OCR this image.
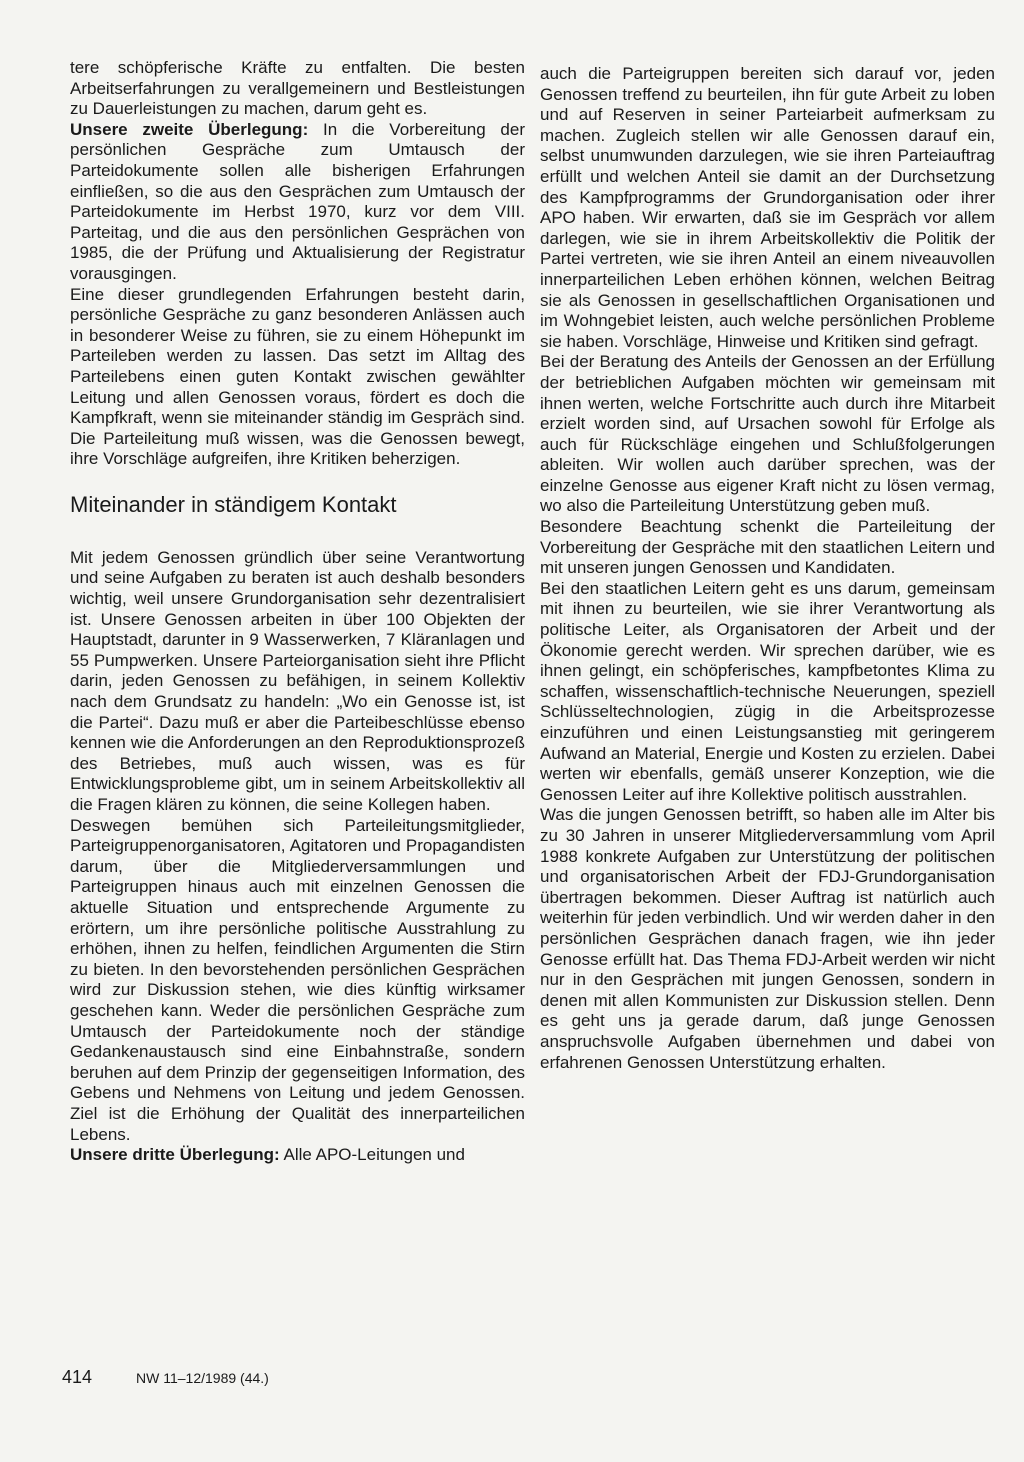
tere schöpferische Kräfte zu entfalten. Die besten Arbeitserfahrungen zu verallgemeinern und Bestleistungen zu Dauerleistungen zu machen, darum geht es.

Unsere zweite Überlegung: In die Vorbereitung der persönlichen Gespräche zum Umtausch der Parteidokumente sollen alle bisherigen Erfahrungen einfließen, so die aus den Gesprächen zum Umtausch der Parteidokumente im Herbst 1970, kurz vor dem VIII. Parteitag, und die aus den persönlichen Gesprächen von 1985, die der Prüfung und Aktualisierung der Registratur vorausgingen.

Eine dieser grundlegenden Erfahrungen besteht darin, persönliche Gespräche zu ganz besonderen Anlässen auch in besonderer Weise zu führen, sie zu einem Höhepunkt im Parteileben werden zu lassen. Das setzt im Alltag des Parteilebens einen guten Kontakt zwischen gewählter Leitung und allen Genossen voraus, fördert es doch die Kampfkraft, wenn sie miteinander ständig im Gespräch sind. Die Parteileitung muß wissen, was die Genossen bewegt, ihre Vorschläge aufgreifen, ihre Kritiken beherzigen.

Miteinander in ständigem Kontakt

Mit jedem Genossen gründlich über seine Verantwortung und seine Aufgaben zu beraten ist auch deshalb besonders wichtig, weil unsere Grundorganisation sehr dezentralisiert ist. Unsere Genossen arbeiten in über 100 Objekten der Hauptstadt, darunter in 9 Wasserwerken, 7 Kläranlagen und 55 Pumpwerken. Unsere Parteiorganisation sieht ihre Pflicht darin, jeden Genossen zu befähigen, in seinem Kollektiv nach dem Grundsatz zu handeln: „Wo ein Genosse ist, ist die Partei“. Dazu muß er aber die Parteibeschlüsse ebenso kennen wie die Anforderungen an den Reproduktionsprozeß des Betriebes, muß auch wissen, was es für Entwicklungsprobleme gibt, um in seinem Arbeitskollektiv all die Fragen klären zu können, die seine Kollegen haben.

Deswegen bemühen sich Parteileitungsmitglieder, Parteigruppenorganisatoren, Agitatoren und Propagandisten darum, über die Mitgliederversammlungen und Parteigruppen hinaus auch mit einzelnen Genossen die aktuelle Situation und entsprechende Argumente zu erörtern, um ihre persönliche politische Ausstrahlung zu erhöhen, ihnen zu helfen, feindlichen Argumenten die Stirn zu bieten. In den bevorstehenden persönlichen Gesprächen wird zur Diskussion stehen, wie dies künftig wirksamer geschehen kann. Weder die persönlichen Gespräche zum Umtausch der Parteidokumente noch der ständige Gedankenaustausch sind eine Einbahnstraße, sondern beruhen auf dem Prinzip der gegenseitigen Information, des Gebens und Nehmens von Leitung und jedem Genossen. Ziel ist die Erhöhung der Qualität des innerparteilichen Lebens.

Unsere dritte Überlegung: Alle APO-Leitungen und

auch die Parteigruppen bereiten sich darauf vor, jeden Genossen treffend zu beurteilen, ihn für gute Arbeit zu loben und auf Reserven in seiner Parteiarbeit aufmerksam zu machen. Zugleich stellen wir alle Genossen darauf ein, selbst unumwunden darzulegen, wie sie ihren Parteiauftrag erfüllt und welchen Anteil sie damit an der Durchsetzung des Kampfprogramms der Grundorganisation oder ihrer APO haben. Wir erwarten, daß sie im Gespräch vor allem darlegen, wie sie in ihrem Arbeitskollektiv die Politik der Partei vertreten, wie sie ihren Anteil an einem niveauvollen innerparteilichen Leben erhöhen können, welchen Beitrag sie als Genossen in gesellschaftlichen Organisationen und im Wohngebiet leisten, auch welche persönlichen Probleme sie haben. Vorschläge, Hinweise und Kritiken sind gefragt.

Bei der Beratung des Anteils der Genossen an der Erfüllung der betrieblichen Aufgaben möchten wir gemeinsam mit ihnen werten, welche Fortschritte auch durch ihre Mitarbeit erzielt worden sind, auf Ursachen sowohl für Erfolge als auch für Rückschläge eingehen und Schlußfolgerungen ableiten. Wir wollen auch darüber sprechen, was der einzelne Genosse aus eigener Kraft nicht zu lösen vermag, wo also die Parteileitung Unterstützung geben muß.

Besondere Beachtung schenkt die Parteileitung der Vorbereitung der Gespräche mit den staatlichen Leitern und mit unseren jungen Genossen und Kandidaten.

Bei den staatlichen Leitern geht es uns darum, gemeinsam mit ihnen zu beurteilen, wie sie ihrer Verantwortung als politische Leiter, als Organisatoren der Arbeit und der Ökonomie gerecht werden. Wir sprechen darüber, wie es ihnen gelingt, ein schöpferisches, kampfbetontes Klima zu schaffen, wissenschaftlich-technische Neuerungen, speziell Schlüsseltechnologien, zügig in die Arbeitsprozesse einzuführen und einen Leistungsanstieg mit geringerem Aufwand an Material, Energie und Kosten zu erzielen. Dabei werten wir ebenfalls, gemäß unserer Konzeption, wie die Genossen Leiter auf ihre Kollektive politisch ausstrahlen.

Was die jungen Genossen betrifft, so haben alle im Alter bis zu 30 Jahren in unserer Mitgliederversammlung vom April 1988 konkrete Aufgaben zur Unterstützung der politischen und organisatorischen Arbeit der FDJ-Grundorganisation übertragen bekommen. Dieser Auftrag ist natürlich auch weiterhin für jeden verbindlich. Und wir werden daher in den persönlichen Gesprächen danach fragen, wie ihn jeder Genosse erfüllt hat. Das Thema FDJ-Arbeit werden wir nicht nur in den Gesprächen mit jungen Genossen, sondern in denen mit allen Kommunisten zur Diskussion stellen. Denn es geht uns ja gerade darum, daß junge Genossen anspruchsvolle Aufgaben übernehmen und dabei von erfahrenen Genossen Unterstützung erhalten.

414	NW 11–12/1989 (44.)
